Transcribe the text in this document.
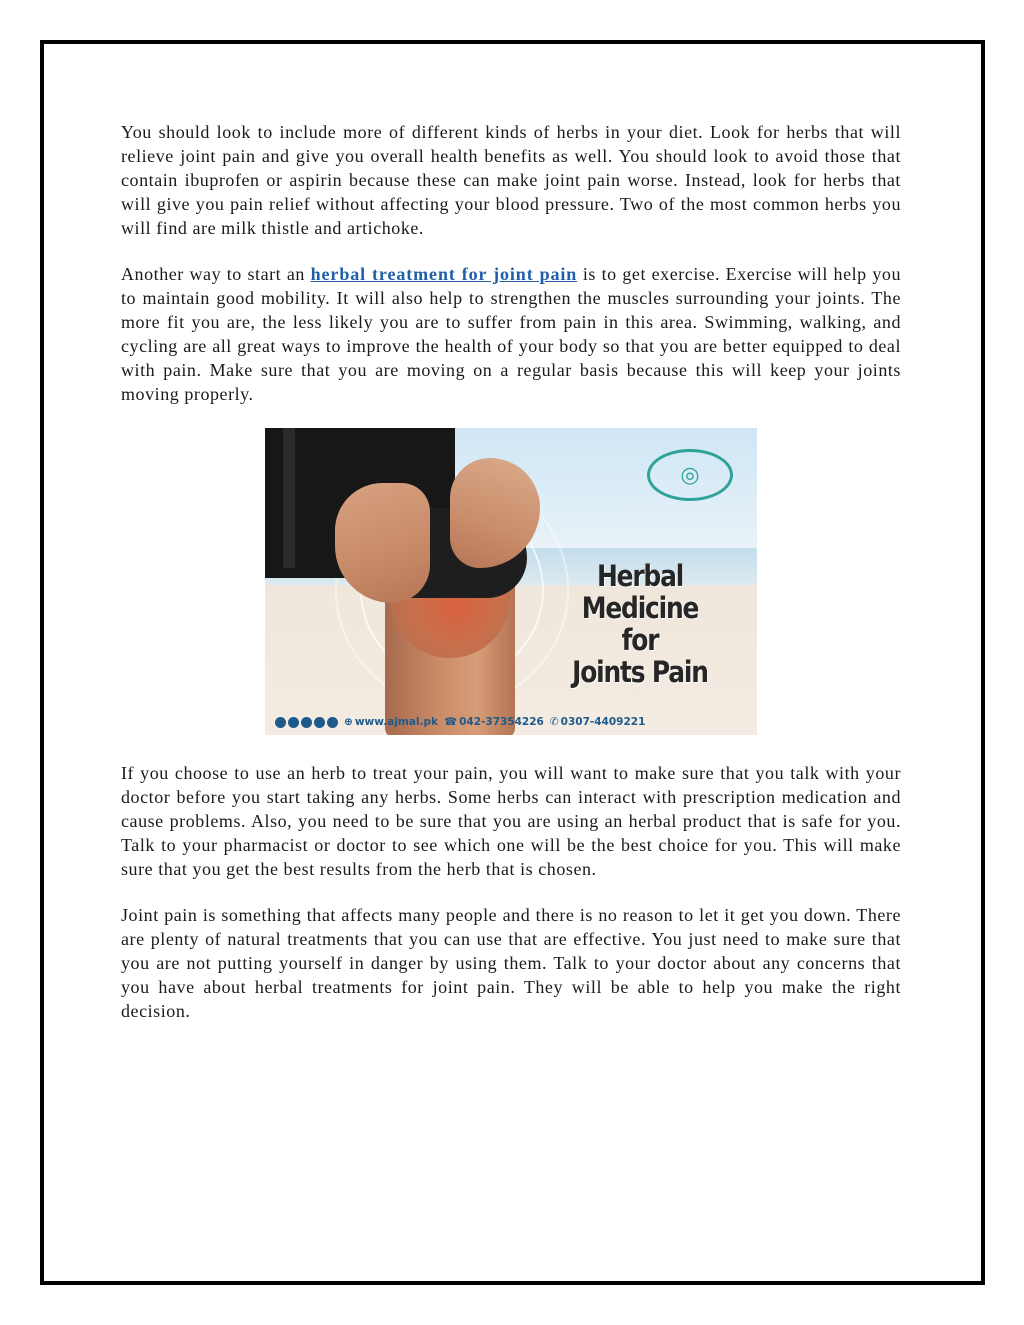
You should look to include more of different kinds of herbs in your diet. Look for herbs that will relieve joint pain and give you overall health benefits as well. You should look to avoid those that contain ibuprofen or aspirin because these can make joint pain worse. Instead, look for herbs that will give you pain relief without affecting your blood pressure. Two of the most common herbs you will find are milk thistle and artichoke.

Another way to start an herbal treatment for joint pain is to get exercise. Exercise will help you to maintain good mobility. It will also help to strengthen the muscles surrounding your joints. The more fit you are, the less likely you are to suffer from pain in this area. Swimming, walking, and cycling are all great ways to improve the health of your body so that you are better equipped to deal with pain. Make sure that you are moving on a regular basis because this will keep your joints moving properly.

◎
Herbal Medicine
for
Joints Pain
⊕ www.ajmal.pk ☎ 042-37354226 ✆ 0307-4409221

If you choose to use an herb to treat your pain, you will want to make sure that you talk with your doctor before you start taking any herbs. Some herbs can interact with prescription medication and cause problems. Also, you need to be sure that you are using an herbal product that is safe for you. Talk to your pharmacist or doctor to see which one will be the best choice for you. This will make sure that you get the best results from the herb that is chosen.

Joint pain is something that affects many people and there is no reason to let it get you down. There are plenty of natural treatments that you can use that are effective. You just need to make sure that you are not putting yourself in danger by using them. Talk to your doctor about any concerns that you have about herbal treatments for joint pain. They will be able to help you make the right decision.
